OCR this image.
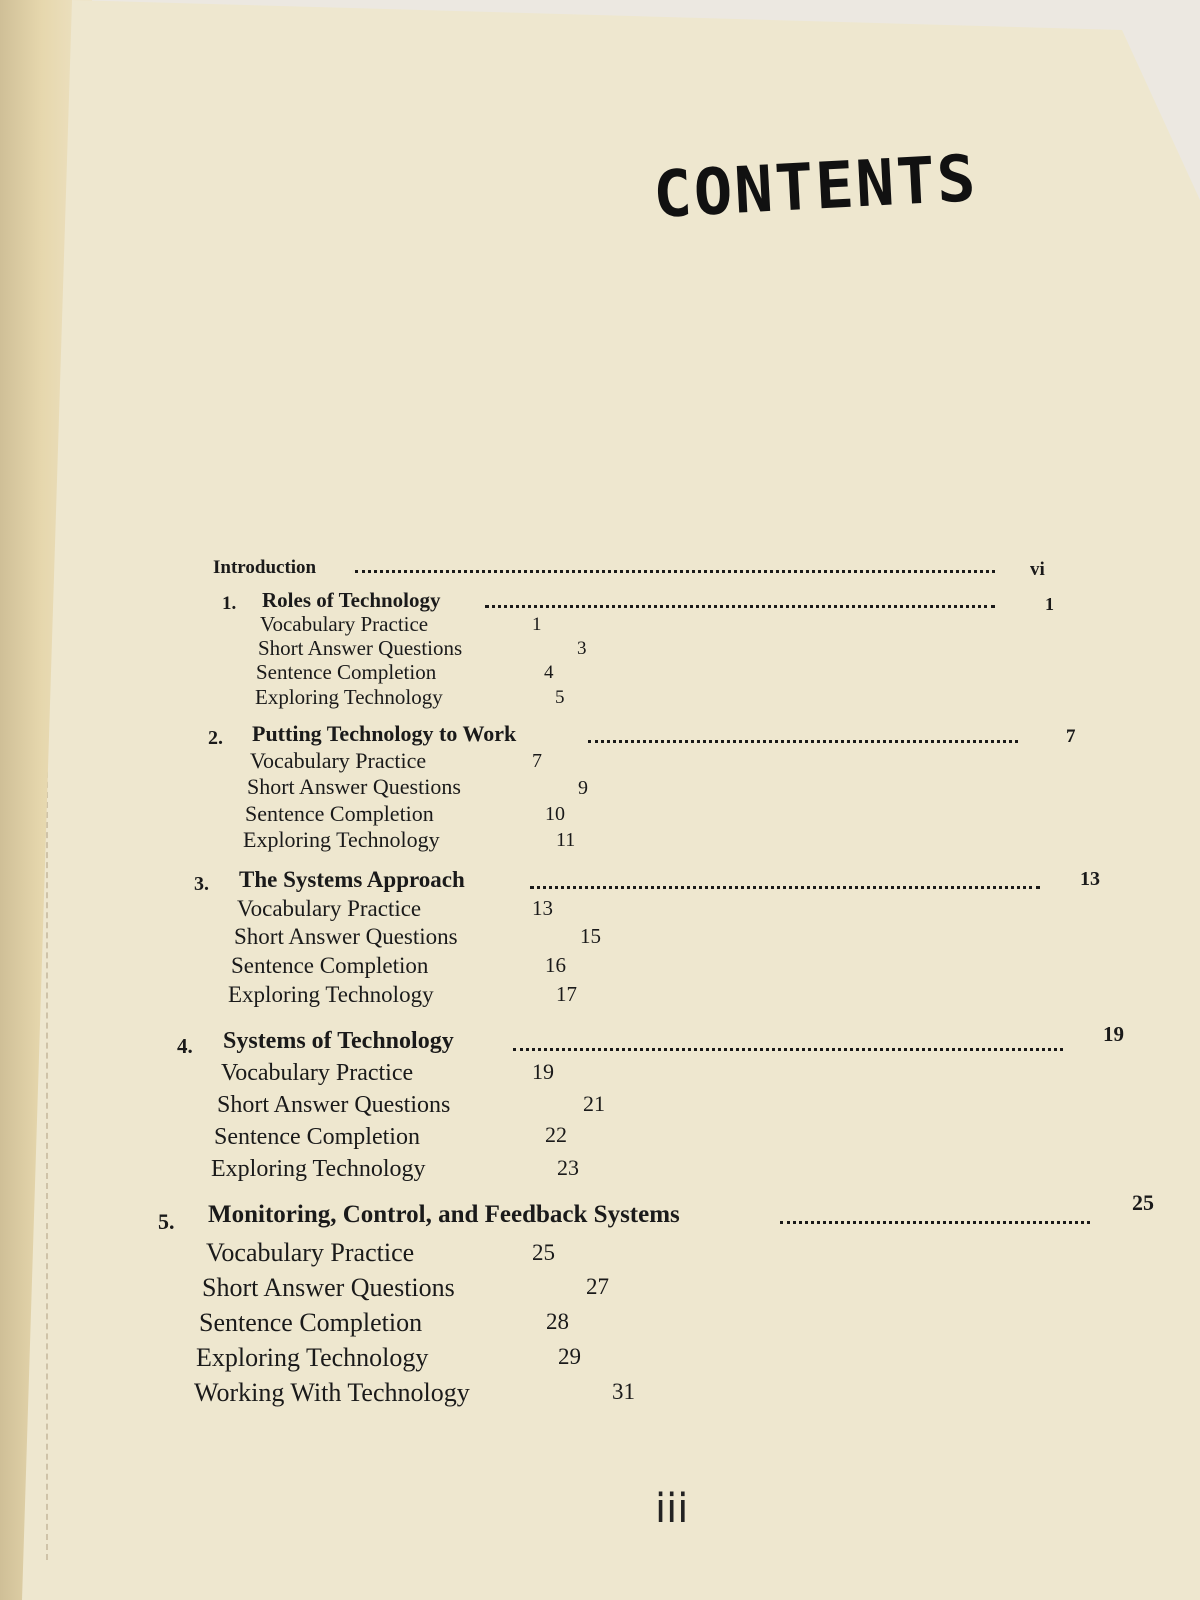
CONTENTS
Introduction	vi
1. Roles of Technology	1
Vocabulary Practice	1
Short Answer Questions	3
Sentence Completion	4
Exploring Technology	5
2. Putting Technology to Work	7
Vocabulary Practice	7
Short Answer Questions	9
Sentence Completion	10
Exploring Technology	11
3. The Systems Approach	13
Vocabulary Practice	13
Short Answer Questions	15
Sentence Completion	16
Exploring Technology	17
4. Systems of Technology	19
Vocabulary Practice	19
Short Answer Questions	21
Sentence Completion	22
Exploring Technology	23
5. Monitoring, Control, and Feedback Systems	25
Vocabulary Practice	25
Short Answer Questions	27
Sentence Completion	28
Exploring Technology	29
Working With Technology	31
iii
